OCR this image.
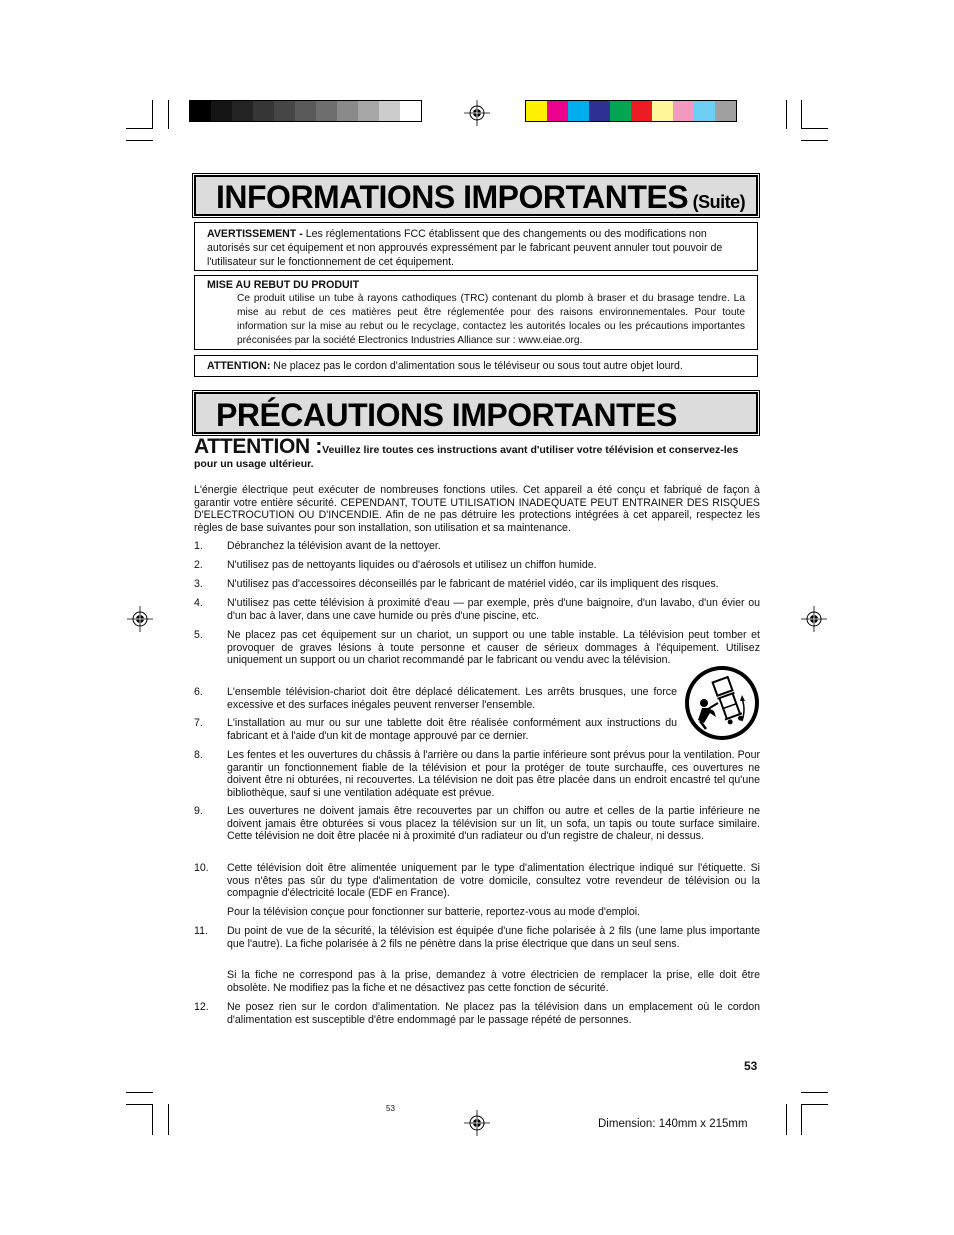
INFORMATIONS IMPORTANTES (Suite)
AVERTISSEMENT - Les réglementations FCC établissent que des changements ou des modifications non autorisés sur cet équipement et non approuvés expressément par le fabricant peuvent annuler tout pouvoir de l'utilisateur sur le fonctionnement de cet équipement.
MISE AU REBUT DU PRODUIT
Ce produit utilise un tube à rayons cathodiques (TRC) contenant du plomb à braser et du brasage tendre. La mise au rebut de ces matières peut être réglementée pour des raisons environnementales. Pour toute information sur la mise au rebut ou le recyclage, contactez les autorités locales ou les précautions importantes préconisées par la société Electronics Industries Alliance sur : www.eiae.org.
ATTENTION: Ne placez pas le cordon d'alimentation sous le téléviseur ou sous tout autre objet lourd.
PRÉCAUTIONS IMPORTANTES
ATTENTION :Veuillez lire toutes ces instructions avant d'utiliser votre télévision et conservez-les pour un usage ultérieur.
L'énergie électrique peut exécuter de nombreuses fonctions utiles. Cet appareil a été conçu et fabriqué de façon à garantir votre entière sécurité. CEPENDANT, TOUTE UTILISATION INADEQUATE PEUT ENTRAINER DES RISQUES D'ELECTROCUTION OU D'INCENDIE. Afin de ne pas détruire les protections intégrées à cet appareil, respectez les règles de base suivantes pour son installation, son utilisation et sa maintenance.
1.	Débranchez la télévision avant de la nettoyer.
2.	N'utilisez pas de nettoyants liquides ou d'aérosols et utilisez un chiffon humide.
3.	N'utilisez pas d'accessoires déconseillés par le fabricant de matériel vidéo, car ils impliquent des risques.
4.	N'utilisez pas cette télévision à proximité d'eau — par exemple, près d'une baignoire, d'un lavabo, d'un évier ou d'un bac à laver, dans une cave humide ou près d'une piscine, etc.
5.	Ne placez pas cet équipement sur un chariot, un support ou une table instable. La télévision peut tomber et provoquer de graves lésions à toute personne et causer de sérieux dommages à l'équipement. Utilisez uniquement un support ou un chariot recommandé par le fabricant ou vendu avec la télévision.
6.	L'ensemble télévision-chariot doit être déplacé délicatement. Les arrêts brusques, une force excessive et des surfaces inégales peuvent renverser l'ensemble.
7.	L'installation au mur ou sur une tablette doit être réalisée conformément aux instructions du fabricant et à l'aide d'un kit de montage approuvé par ce dernier.
8.	Les fentes et les ouvertures du châssis à l'arrière ou dans la partie inférieure sont prévus pour la ventilation. Pour garantir un fonctionnement fiable de la télévision et pour la protéger de toute surchauffe, ces ouvertures ne doivent être ni obturées, ni recouvertes. La télévision ne doit pas être placée dans un endroit encastré tel qu'une bibliothèque, sauf si une ventilation adéquate est prévue.
9.	Les ouvertures ne doivent jamais être recouvertes par un chiffon ou autre et celles de la partie inférieure ne doivent jamais être obturées si vous placez la télévision sur un lit, un sofa, un tapis ou toute surface similaire. Cette télévision ne doit être placée ni à proximité d'un radiateur ou d'un registre de chaleur, ni dessus.
10.	Cette télévision doit être alimentée uniquement par le type d'alimentation électrique indiqué sur l'étiquette. Si vous n'êtes pas sûr du type d'alimentation de votre domicile, consultez votre revendeur de télévision ou la compagnie d'électricité locale (EDF en France).
Pour la télévision conçue pour fonctionner sur batterie, reportez-vous au mode d'emploi.
11.	Du point de vue de la sécurité, la télévision est équipée d'une fiche polarisée à 2 fils (une lame plus importante que l'autre). La fiche polarisée à 2 fils ne pénètre dans la prise électrique que dans un seul sens.
Si la fiche ne correspond pas à la prise, demandez à votre électricien de remplacer la prise, elle doit être obsolète. Ne modifiez pas la fiche et ne désactivez pas cette fonction de sécurité.
12.	Ne posez rien sur le cordon d'alimentation. Ne placez pas la télévision dans un emplacement où le cordon d'alimentation est susceptible d'être endommagé par le passage répété de personnes.
53
53
Dimension: 140mm x 215mm
